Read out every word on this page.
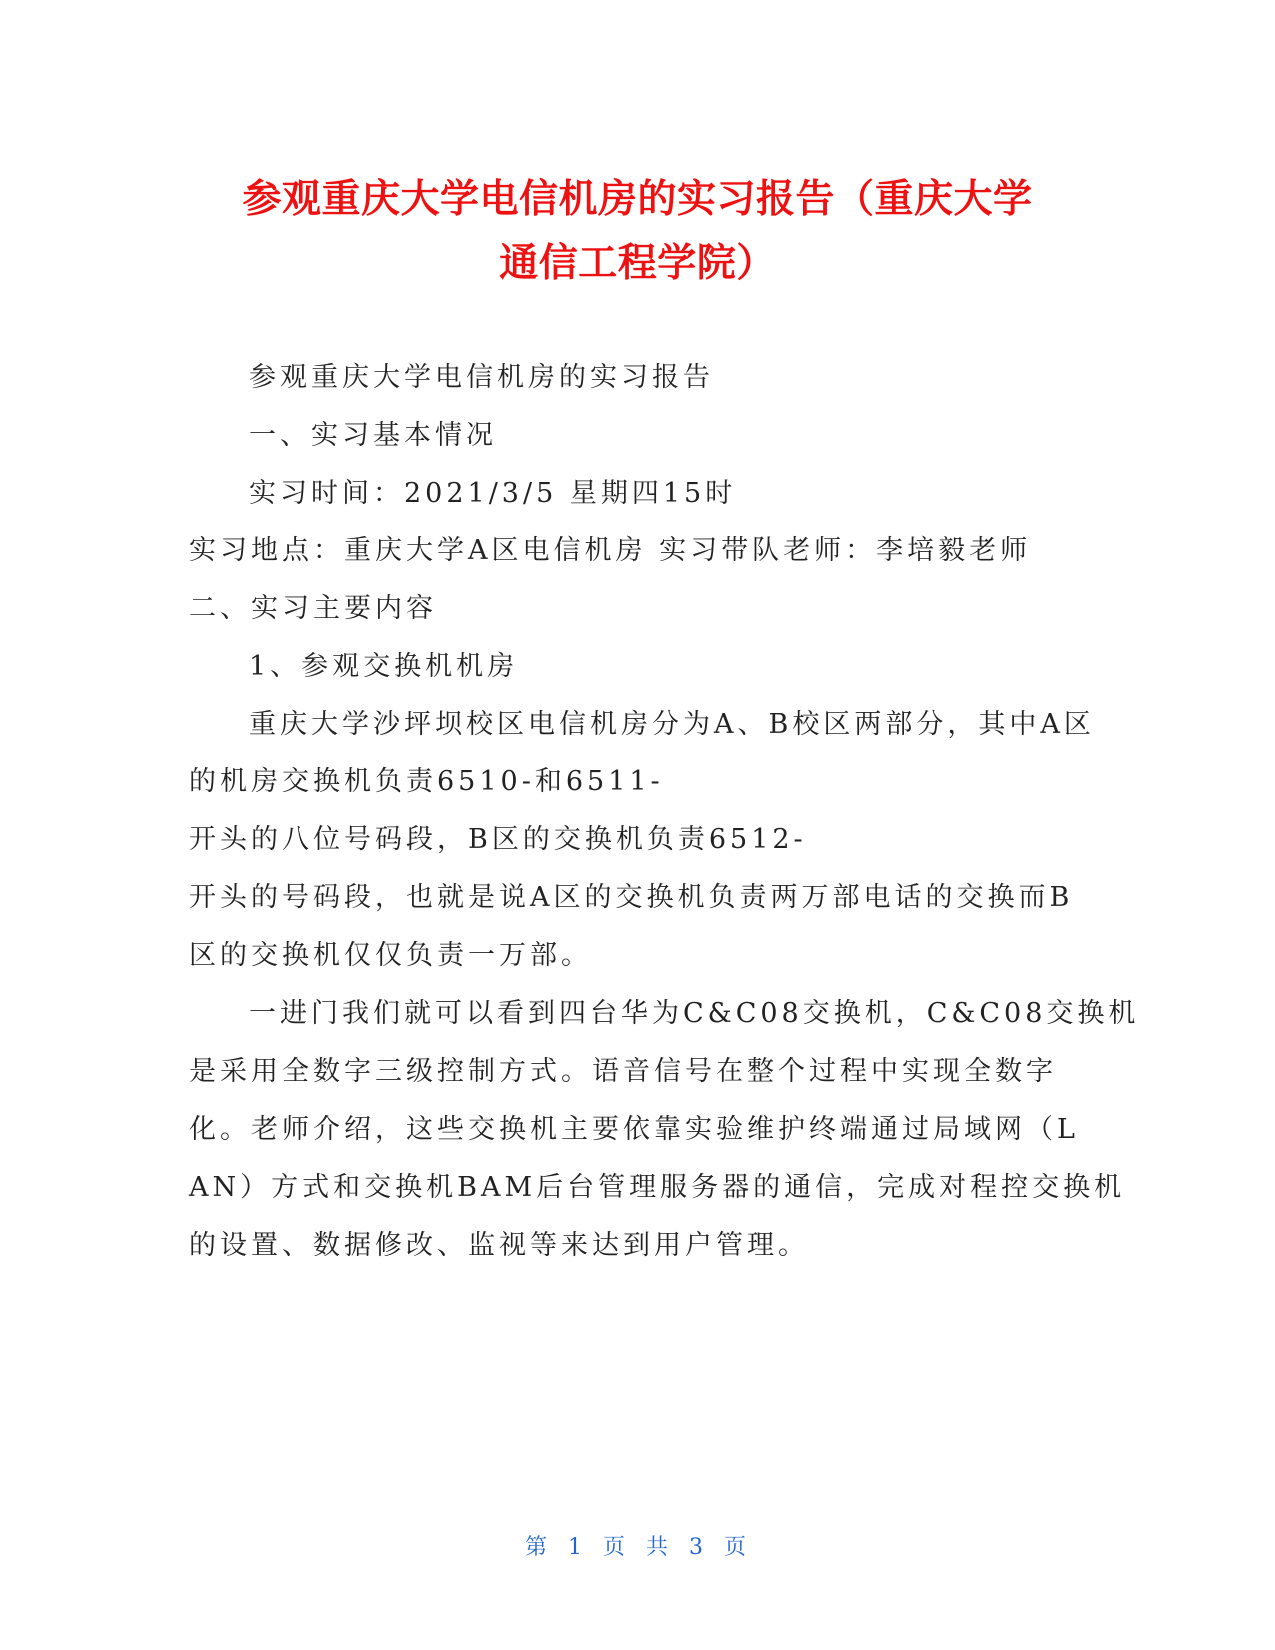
参观重庆大学电信机房的实习报告（重庆大学
通信工程学院）
参观重庆大学电信机房的实习报告
一、实习基本情况
实习时间：2021/3/5 星期四15时
实习地点：重庆大学A区电信机房 实习带队老师：李培毅老师
二、实习主要内容
1、参观交换机机房
重庆大学沙坪坝校区电信机房分为A、B校区两部分，其中A区
的机房交换机负责6510-和6511-
开头的八位号码段，B区的交换机负责6512-
开头的号码段，也就是说A区的交换机负责两万部电话的交换而B
区的交换机仅仅负责一万部。
一进门我们就可以看到四台华为C&C08交换机，C&C08交换机
是采用全数字三级控制方式。语音信号在整个过程中实现全数字
化。老师介绍，这些交换机主要依靠实验维护终端通过局域网（L
AN）方式和交换机BAM后台管理服务器的通信，完成对程控交换机
的设置、数据修改、监视等来达到用户管理。
第 1 页 共 3 页
